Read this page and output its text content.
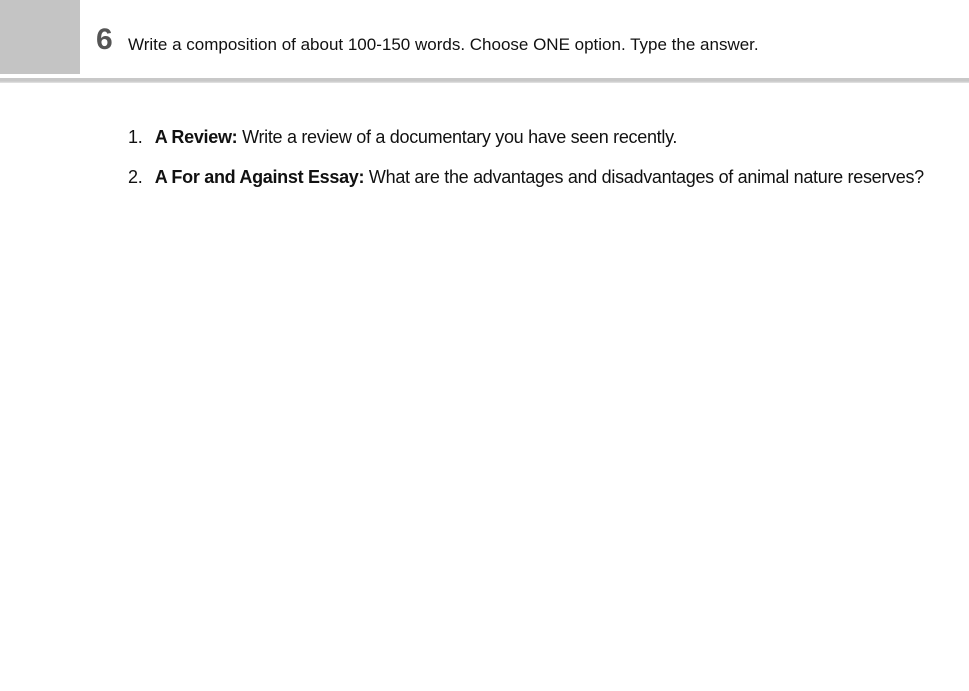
6 Write a composition of about 100-150 words. Choose ONE option. Type the answer.
1. A Review: Write a review of a documentary you have seen recently.
2. A For and Against Essay: What are the advantages and disadvantages of animal nature reserves?
